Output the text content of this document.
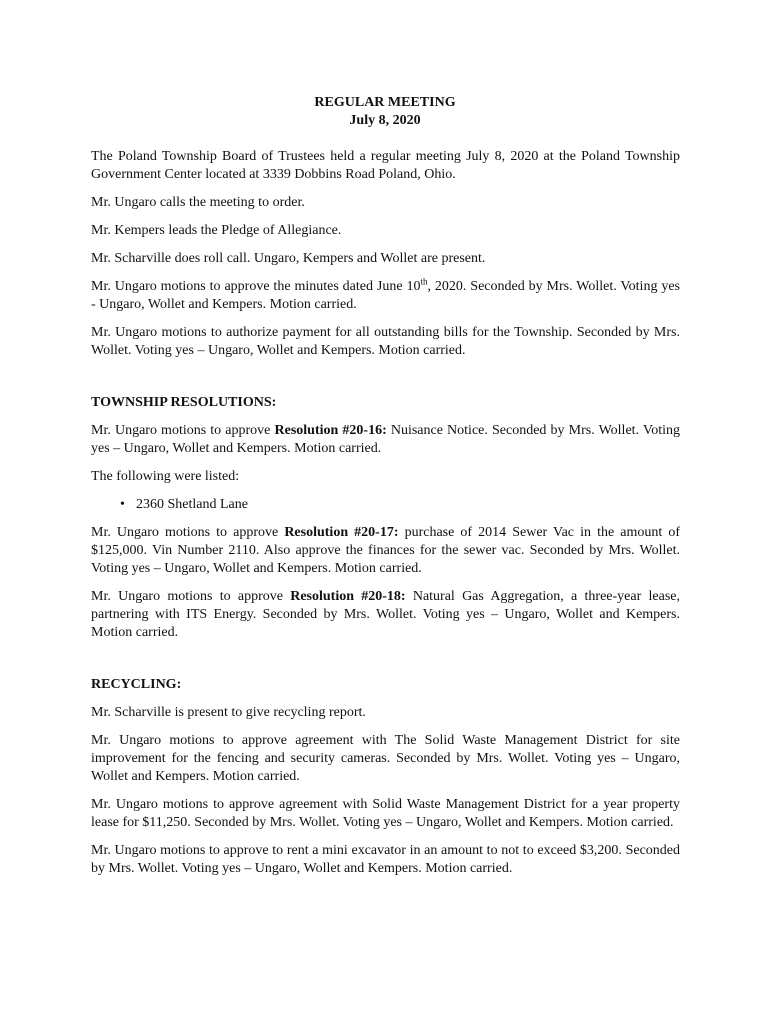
REGULAR MEETING
July 8, 2020

The Poland Township Board of Trustees held a regular meeting July 8, 2020 at the Poland Township Government Center located at 3339 Dobbins Road Poland, Ohio.

Mr. Ungaro calls the meeting to order.

Mr. Kempers leads the Pledge of Allegiance.

Mr. Scharville does roll call. Ungaro, Kempers and Wollet are present.

Mr. Ungaro motions to approve the minutes dated June 10th, 2020. Seconded by Mrs. Wollet. Voting yes - Ungaro, Wollet and Kempers. Motion carried.

Mr. Ungaro motions to authorize payment for all outstanding bills for the Township. Seconded by Mrs. Wollet. Voting yes – Ungaro, Wollet and Kempers. Motion carried.

TOWNSHIP RESOLUTIONS:

Mr. Ungaro motions to approve Resolution #20-16: Nuisance Notice. Seconded by Mrs. Wollet. Voting yes – Ungaro, Wollet and Kempers. Motion carried.

The following were listed:

• 2360 Shetland Lane

Mr. Ungaro motions to approve Resolution #20-17: purchase of 2014 Sewer Vac in the amount of $125,000. Vin Number 2110. Also approve the finances for the sewer vac. Seconded by Mrs. Wollet. Voting yes – Ungaro, Wollet and Kempers. Motion carried.

Mr. Ungaro motions to approve Resolution #20-18: Natural Gas Aggregation, a three-year lease, partnering with ITS Energy. Seconded by Mrs. Wollet. Voting yes – Ungaro, Wollet and Kempers. Motion carried.

RECYCLING:

Mr. Scharville is present to give recycling report.

Mr. Ungaro motions to approve agreement with The Solid Waste Management District for site improvement for the fencing and security cameras. Seconded by Mrs. Wollet. Voting yes – Ungaro, Wollet and Kempers. Motion carried.

Mr. Ungaro motions to approve agreement with Solid Waste Management District for a year property lease for $11,250. Seconded by Mrs. Wollet. Voting yes – Ungaro, Wollet and Kempers. Motion carried.

Mr. Ungaro motions to approve to rent a mini excavator in an amount to not to exceed $3,200. Seconded by Mrs. Wollet. Voting yes – Ungaro, Wollet and Kempers. Motion carried.
